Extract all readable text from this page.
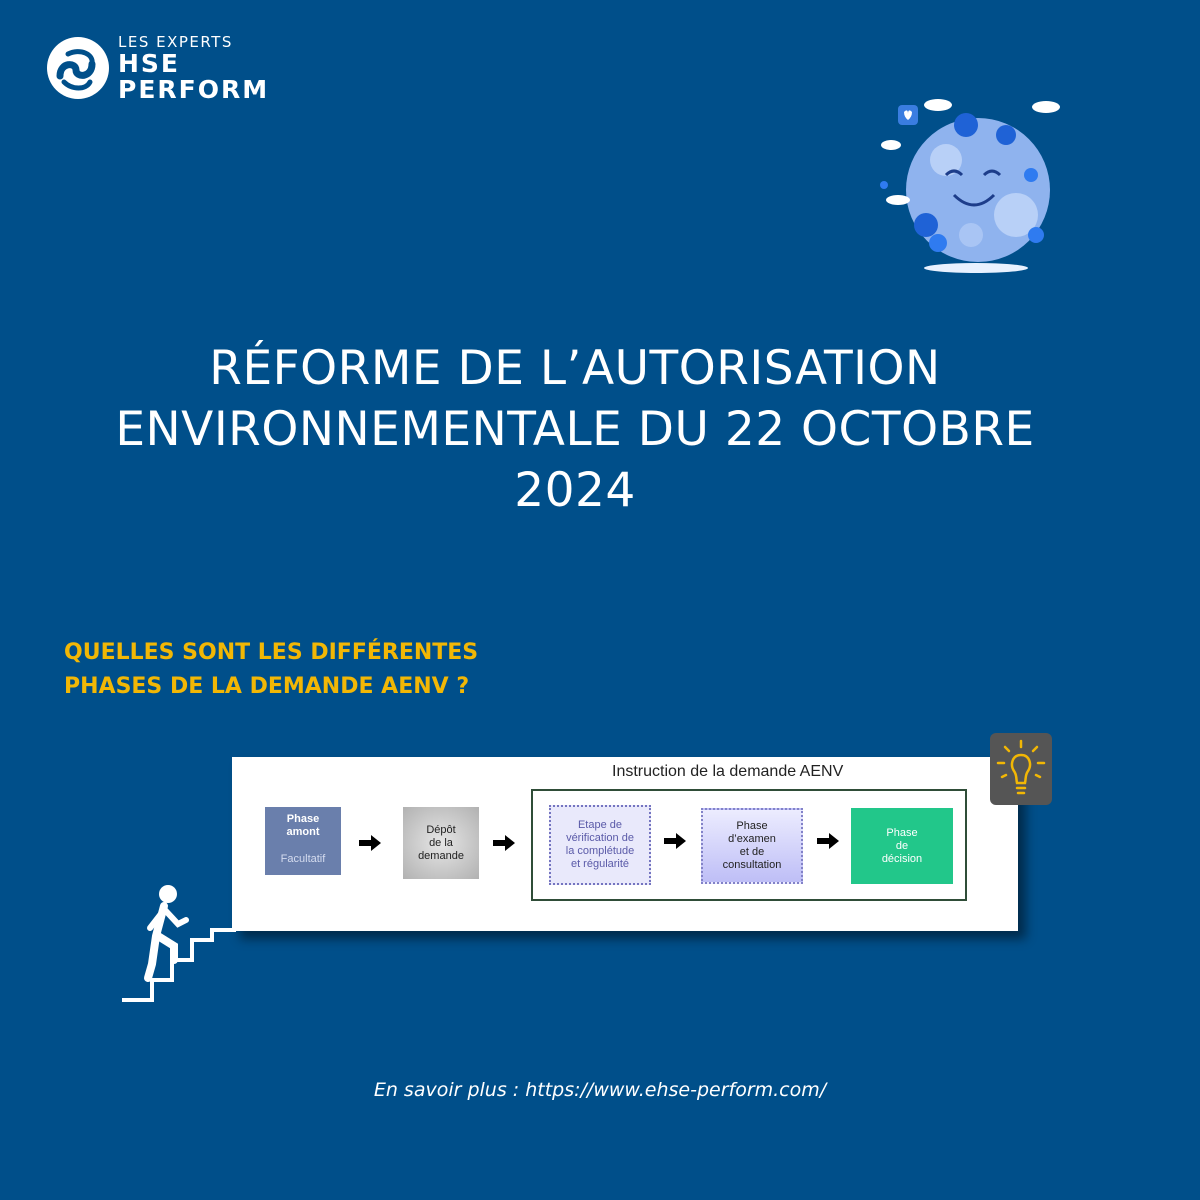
LES EXPERTS
HSE
PERFORM
RÉFORME DE L’AUTORISATION
ENVIRONNEMENTALE DU 22 OCTOBRE
2024
QUELLES SONT LES DIFFÉRENTES
PHASES DE LA DEMANDE AENV ?
Instruction de la demande AENV
Phase
amont
Facultatif
Dépôt
de la
demande
Etape de
vérification de
la complétude
et régularité
Phase
d’examen
et de
consultation
Phase
de
décision
En savoir plus : https://www.ehse-perform.com/
